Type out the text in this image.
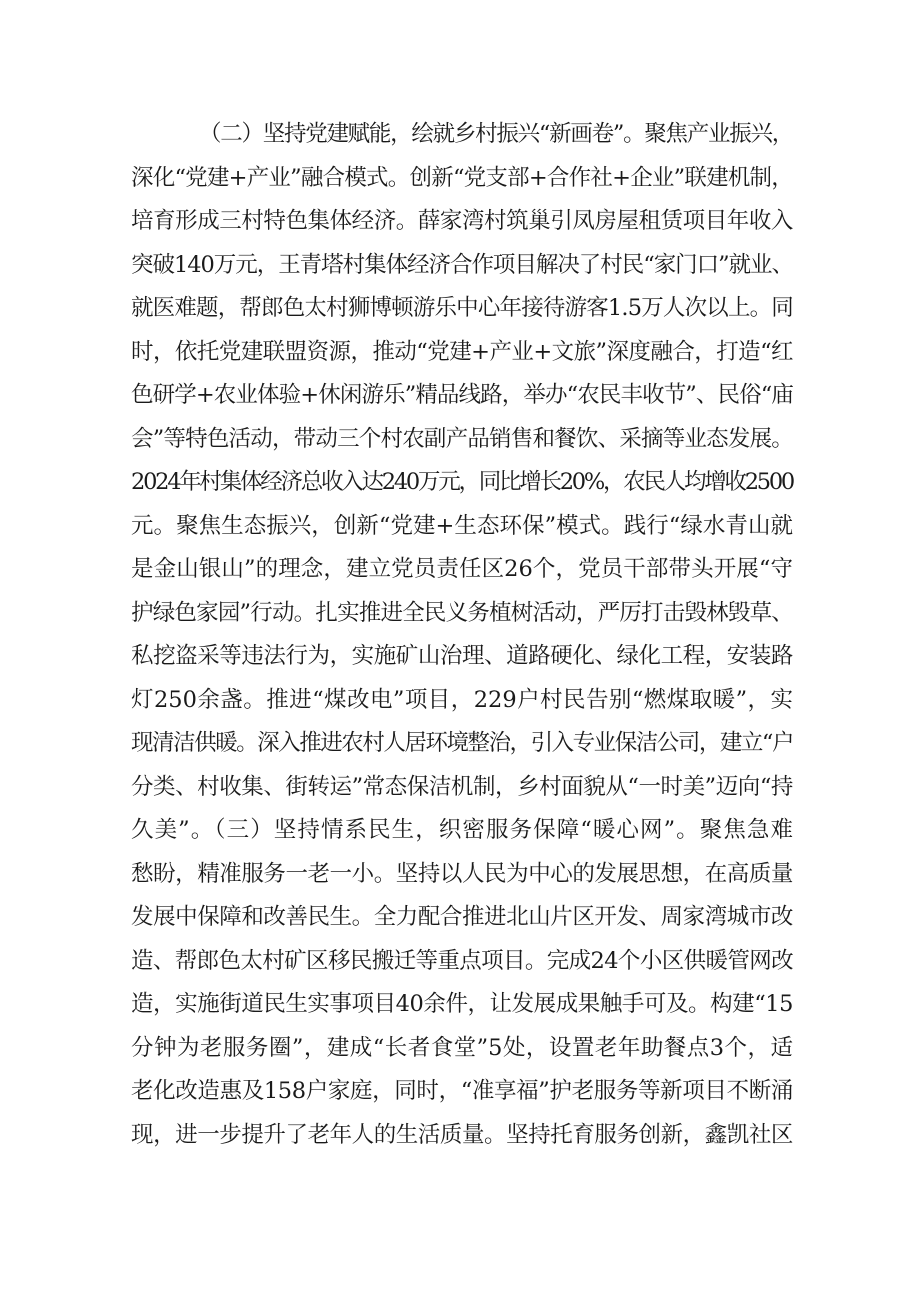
（二）坚持党建赋能，绘就乡村振兴“新画卷”。聚焦产业振兴，
深化“党建+产业”融合模式。创新“党支部+合作社+企业”联建机制，
培育形成三村特色集体经济。薛家湾村筑巢引凤房屋租赁项目年收入
突破140万元，王青塔村集体经济合作项目解决了村民“家门口”就业、
就医难题，帮郎色太村狮博顿游乐中心年接待游客1.5万人次以上。同
时，依托党建联盟资源，推动“党建+产业+文旅”深度融合，打造“红
色研学+农业体验+休闲游乐”精品线路，举办“农民丰收节”、民俗“庙
会”等特色活动，带动三个村农副产品销售和餐饮、采摘等业态发展。
2024年村集体经济总收入达240万元，同比增长20%，农民人均增收2500
元。聚焦生态振兴，创新“党建+生态环保”模式。践行“绿水青山就
是金山银山”的理念，建立党员责任区26个，党员干部带头开展“守
护绿色家园”行动。扎实推进全民义务植树活动，严厉打击毁林毁草、
私挖盗采等违法行为，实施矿山治理、道路硬化、绿化工程，安装路
灯250余盏。推进“煤改电”项目，229户村民告别“燃煤取暖”，实
现清洁供暖。深入推进农村人居环境整治，引入专业保洁公司，建立“户
分类、村收集、街转运”常态保洁机制，乡村面貌从“一时美”迈向“持
久美”。（三）坚持情系民生，织密服务保障“暖心网”。聚焦急难
愁盼，精准服务一老一小。坚持以人民为中心的发展思想，在高质量
发展中保障和改善民生。全力配合推进北山片区开发、周家湾城市改
造、帮郎色太村矿区移民搬迁等重点项目。完成24个小区供暖管网改
造，实施街道民生实事项目40余件，让发展成果触手可及。构建“15
分钟为老服务圈”，建成“长者食堂”5处，设置老年助餐点3个，适
老化改造惠及158户家庭，同时，“准享福”护老服务等新项目不断涌
现，进一步提升了老年人的生活质量。坚持托育服务创新，鑫凯社区
